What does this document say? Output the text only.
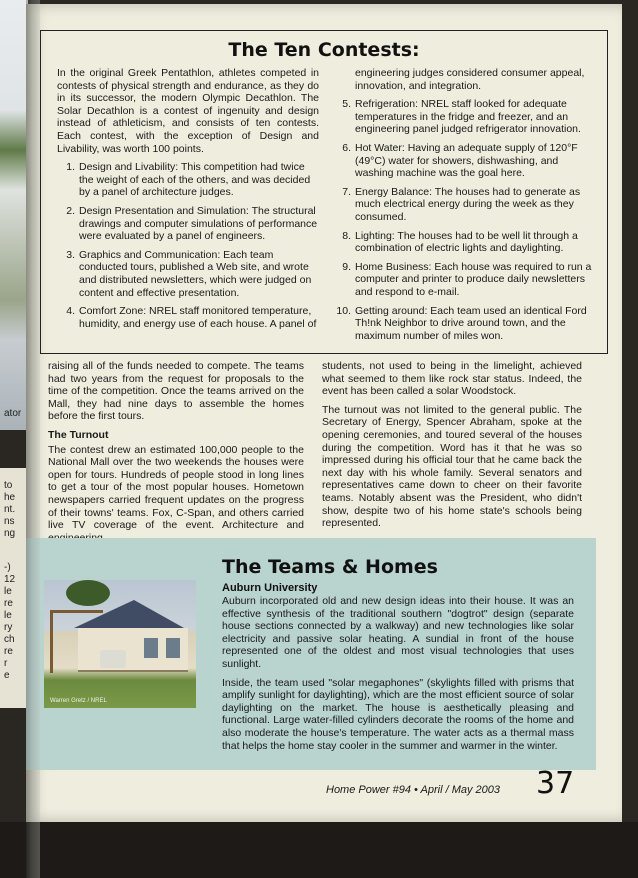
ator
to
he
nt.
ns
ng
-)
12
le
re
le
ry
ch
re
r
e
The Ten Contests:

In the original Greek Pentathlon, athletes competed in contests of physical strength and endurance, as they do in its successor, the modern Olympic Decathlon. The Solar Decathlon is a contest of ingenuity and design instead of athleticism, and consists of ten contests. Each contest, with the exception of Design and Livability, was worth 100 points.

1. Design and Livability: This competition had twice the weight of each of the others, and was decided by a panel of architecture judges.
2. Design Presentation and Simulation: The structural drawings and computer simulations of performance were evaluated by a panel of engineers.
3. Graphics and Communication: Each team conducted tours, published a Web site, and wrote and distributed newsletters, which were judged on content and effective presentation.
4. Comfort Zone: NREL staff monitored temperature, humidity, and energy use of each house. A panel of

engineering judges considered consumer appeal, innovation, and integration.

5. Refrigeration: NREL staff looked for adequate temperatures in the fridge and freezer, and an engineering panel judged refrigerator innovation.
6. Hot Water: Having an adequate supply of 120°F (49°C) water for showers, dishwashing, and washing machine was the goal here.
7. Energy Balance: The houses had to generate as much electrical energy during the week as they consumed.
8. Lighting: The houses had to be well lit through a combination of electric lights and daylighting.
9. Home Business: Each house was required to run a computer and printer to produce daily newsletters and respond to e-mail.
10. Getting around: Each team used an identical Ford Th!nk Neighbor to drive around town, and the maximum number of miles won.

raising all of the funds needed to compete. The teams had two years from the request for proposals to the time of the competition. Once the teams arrived on the Mall, they had nine days to assemble the homes before the first tours.

The Turnout

The contest drew an estimated 100,000 people to the National Mall over the two weekends the houses were open for tours. Hundreds of people stood in long lines to get a tour of the most popular houses. Hometown newspapers carried frequent updates on the progress of their towns' teams. Fox, C-Span, and others carried live TV coverage of the event. Architecture and

students, not used to being in the limelight, achieved what seemed to them like rock star status. Indeed, the event has been called a solar Woodstock.

The turnout was not limited to the general public. The Secretary of Energy, Spencer Abraham, spoke at the opening ceremonies, and toured several of the houses during the competition. Word has it that he was so impressed during his official tour that he came back the next day with his whole family. Several senators and representatives came down to cheer on their favorite teams. Notably absent was the President, who didn't show, despite two of his home state's schools being represented.

Warren Gretz / NREL
The Teams & Homes
Auburn University

Auburn incorporated old and new design ideas into their house. It was an effective synthesis of the traditional southern "dogtrot" design (separate house sections connected by a walkway) and new technologies like solar electricity and passive solar heating. A sundial in front of the house represented one of the oldest and most visual technologies that uses sunlight.

Inside, the team used "solar megaphones" (skylights filled with prisms that amplify sunlight for daylighting), which are the most efficient source of solar daylighting on the market. The house is aesthetically pleasing and functional. Large water-filled cylinders decorate the rooms of the home and also moderate the house's temperature. The water acts as a thermal mass that helps the home stay cooler in the summer and warmer in the winter.

Home Power #94 • April / May 2003 37
